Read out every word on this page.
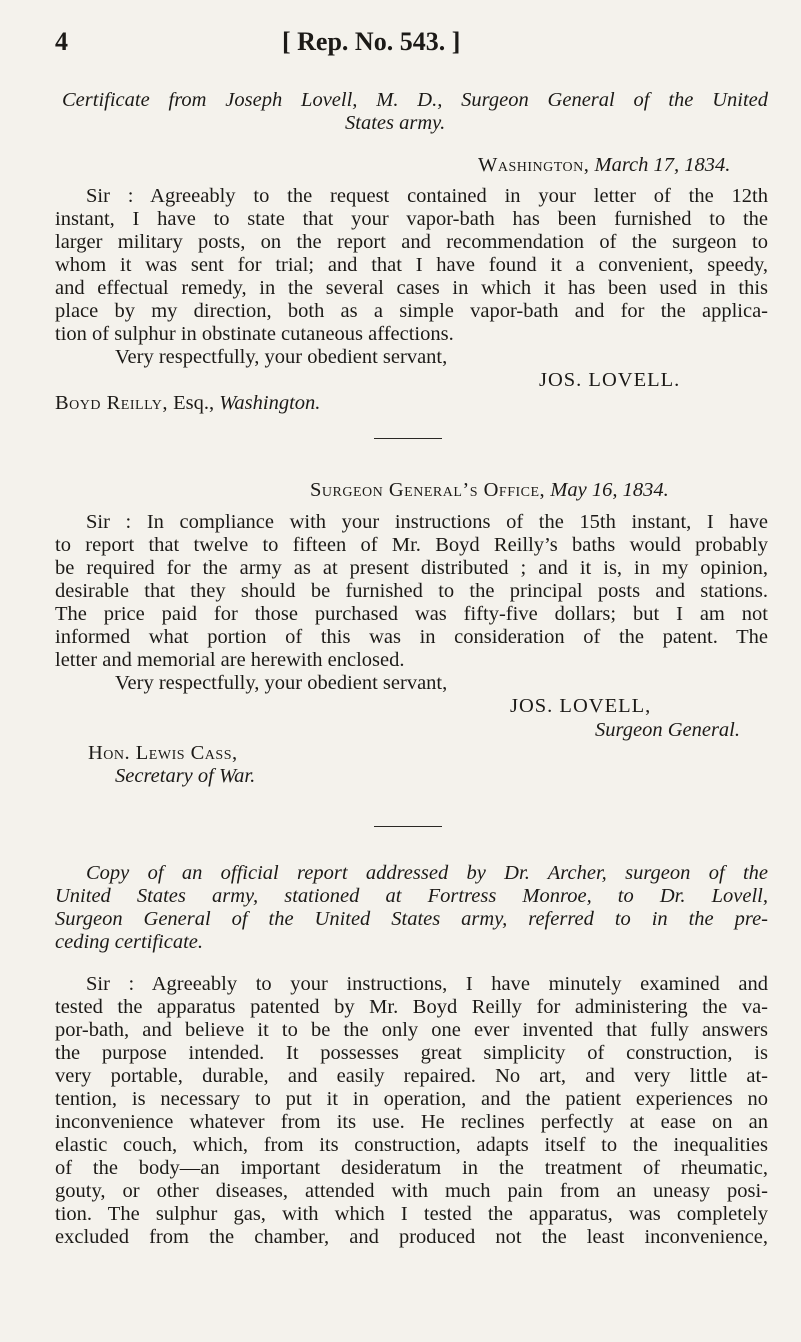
4	[ Rep. No. 543. ]
Certificate from Joseph Lovell, M. D., Surgeon General of the United
States army.
Washington, March 17, 1834.
Sir : Agreeably to the request contained in your letter of the 12th
instant, I have to state that your vapor-bath has been furnished to the
larger military posts, on the report and recommendation of the surgeon to
whom it was sent for trial; and that I have found it a convenient, speedy,
and effectual remedy, in the several cases in which it has been used in this
place by my direction, both as a simple vapor-bath and for the applica-
tion of sulphur in obstinate cutaneous affections.
Very respectfully, your obedient servant,
JOS. LOVELL.
Boyd Reilly, Esq., Washington.
Surgeon General’s Office, May 16, 1834.
Sir : In compliance with your instructions of the 15th instant, I have
to report that twelve to fifteen of Mr. Boyd Reilly’s baths would probably
be required for the army as at present distributed ; and it is, in my opinion,
desirable that they should be furnished to the principal posts and stations.
The price paid for those purchased was fifty-five dollars; but I am not
informed what portion of this was in consideration of the patent. The
letter and memorial are herewith enclosed.
Very respectfully, your obedient servant,
JOS. LOVELL,
Surgeon General.
Hon. Lewis Cass,
Secretary of War.
Copy of an official report addressed by Dr. Archer, surgeon of the
United States army, stationed at Fortress Monroe, to Dr. Lovell,
Surgeon General of the United States army, referred to in the pre-
ceding certificate.
Sir : Agreeably to your instructions, I have minutely examined and
tested the apparatus patented by Mr. Boyd Reilly for administering the va-
por-bath, and believe it to be the only one ever invented that fully answers
the purpose intended. It possesses great simplicity of construction, is
very portable, durable, and easily repaired. No art, and very little at-
tention, is necessary to put it in operation, and the patient experiences no
inconvenience whatever from its use. He reclines perfectly at ease on an
elastic couch, which, from its construction, adapts itself to the inequalities
of the body—an important desideratum in the treatment of rheumatic,
gouty, or other diseases, attended with much pain from an uneasy posi-
tion. The sulphur gas, with which I tested the apparatus, was completely
excluded from the chamber, and produced not the least inconvenience,
